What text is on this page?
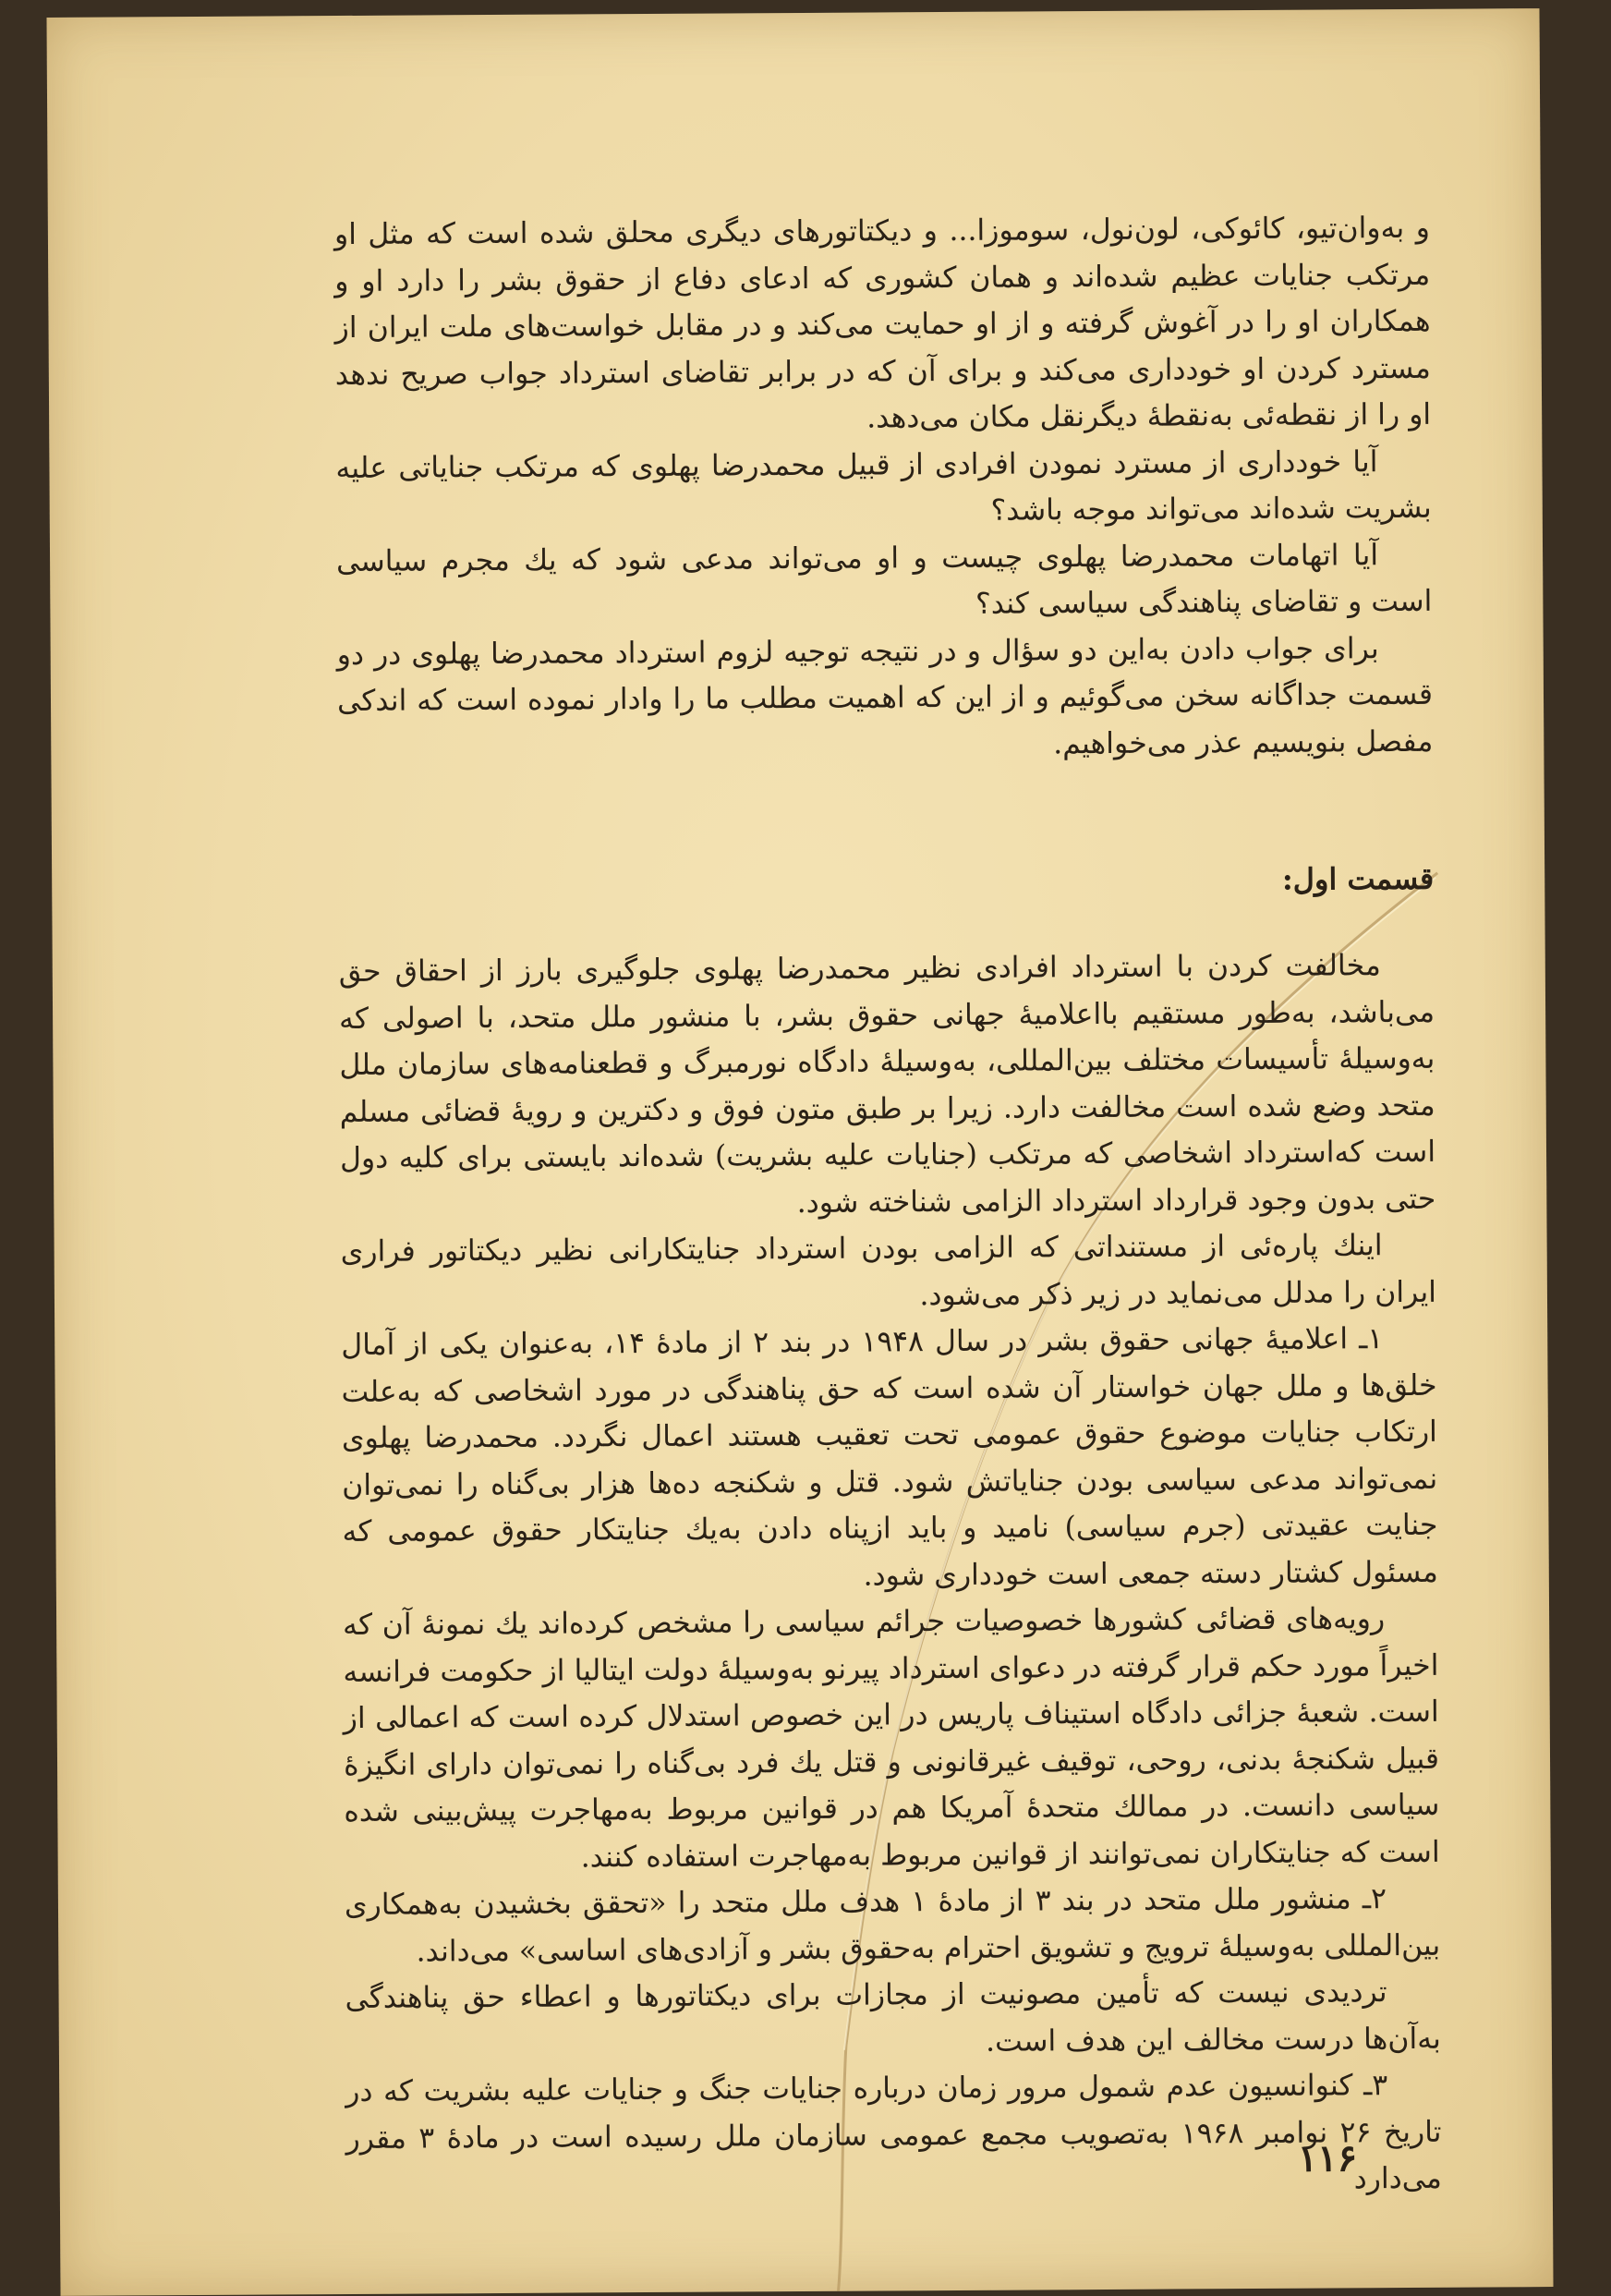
و به‌وان‌تیو، کائوکی، لون‌نول، سوموزا... و دیکتاتورهای دیگری محلق شده است که مثل او مرتکب جنایات عظیم شده‌اند و همان کشوری که ادعای دفاع از حقوق بشر را دارد او و همکاران او را در آغوش گرفته و از او حمایت می‌کند و در مقابل خواست‌های ملت ایران از مسترد کردن او خودداری می‌کند و برای آن که در برابر تقاضای استرداد جواب صریح ندهد او را از نقطه‌ئی به‌نقطهٔ دیگرنقل مکان می‌دهد.

آیا خودداری از مسترد نمودن افرادی از قبیل محمدرضا پهلوی که مرتکب جنایاتی علیه بشریت شده‌اند می‌تواند موجه باشد؟

آیا اتهامات محمدرضا پهلوی چیست و او می‌تواند مدعی شود که یك مجرم سیاسی است و تقاضای پناهندگی سیاسی کند؟

برای جواب دادن به‌این دو سؤال و در نتیجه توجیه لزوم استرداد محمدرضا پهلوی در دو قسمت جداگانه سخن می‌گوئیم و از این که اهمیت مطلب ما را وادار نموده است که اندکی مفصل بنویسیم عذر می‌خواهیم.

قسمت اول:

مخالفت کردن با استرداد افرادی نظیر محمدرضا پهلوی جلوگیری بارز از احقاق حق می‌باشد، به‌طور مستقیم بااعلامیهٔ جهانی حقوق بشر، با منشور ملل متحد، با اصولی که به‌وسیلهٔ تأسیسات مختلف بین‌المللی، به‌وسیلهٔ دادگاه نورمبرگ و قطعنامه‌های سازمان ملل متحد وضع شده است مخالفت دارد. زیرا بر طبق متون فوق و دکترین و رویهٔ قضائی مسلم است که‌استرداد اشخاصی که مرتکب (جنایات علیه بشریت) شده‌اند بایستی برای کلیه دول حتی بدون وجود قرارداد استرداد الزامی شناخته شود.

اینك پاره‌ئی از مستنداتی که الزامی بودن استرداد جنایتکارانی نظیر دیکتاتور فراری ایران را مدلل می‌نماید در زیر ذکر می‌شود.

۱ـ اعلامیهٔ جهانی حقوق بشر در سال ۱۹۴۸ در بند ۲ از مادهٔ ۱۴، به‌عنوان یکی از آمال خلق‌ها و ملل جهان خواستار آن شده است که حق پناهندگی در مورد اشخاصی که به‌علت ارتکاب جنایات موضوع حقوق عمومی تحت تعقیب هستند اعمال نگردد. محمدرضا پهلوی نمی‌تواند مدعی سیاسی بودن جنایاتش شود. قتل و شکنجه ده‌ها هزار بی‌گناه را نمی‌توان جنایت عقیدتی (جرم سیاسی) نامید و باید ازپناه دادن به‌یك جنایتکار حقوق عمومی که مسئول کشتار دسته جمعی است خودداری شود.

رویه‌های قضائی کشورها خصوصیات جرائم سیاسی را مشخص کرده‌اند یك نمونهٔ آن که اخیراً مورد حکم قرار گرفته در دعوای استرداد پیرنو به‌وسیلهٔ دولت ایتالیا از حکومت فرانسه است. شعبهٔ جزائی دادگاه استیناف پاریس در این خصوص استدلال کرده است که اعمالی از قبیل شکنجهٔ بدنی، روحی، توقیف غیرقانونی و قتل یك فرد بی‌گناه را نمی‌توان دارای انگیزهٔ سیاسی دانست. در ممالك متحدهٔ آمریکا هم در قوانین مربوط به‌مهاجرت پیش‌بینی شده است که جنایتکاران نمی‌توانند از قوانین مربوط به‌مهاجرت استفاده کنند.

۲ـ منشور ملل متحد در بند ۳ از مادهٔ ۱ هدف ملل متحد را «تحقق بخشیدن به‌همکاری بین‌المللی به‌وسیلهٔ ترویج و تشویق احترام به‌حقوق بشر و آزادی‌های اساسی» می‌داند.

تردیدی نیست که تأمین مصونیت از مجازات برای دیکتاتورها و اعطاء حق پناهندگی به‌آن‌ها درست مخالف این هدف است.

۳ـ کنوانسیون عدم شمول مرور زمان درباره جنایات جنگ و جنایات علیه بشریت که در تاریخ ۲۶ نوامبر ۱۹۶۸ به‌تصویب مجمع عمومی سازمان ملل رسیده است در مادهٔ ۳ مقرر می‌دارد

۱۱۶
